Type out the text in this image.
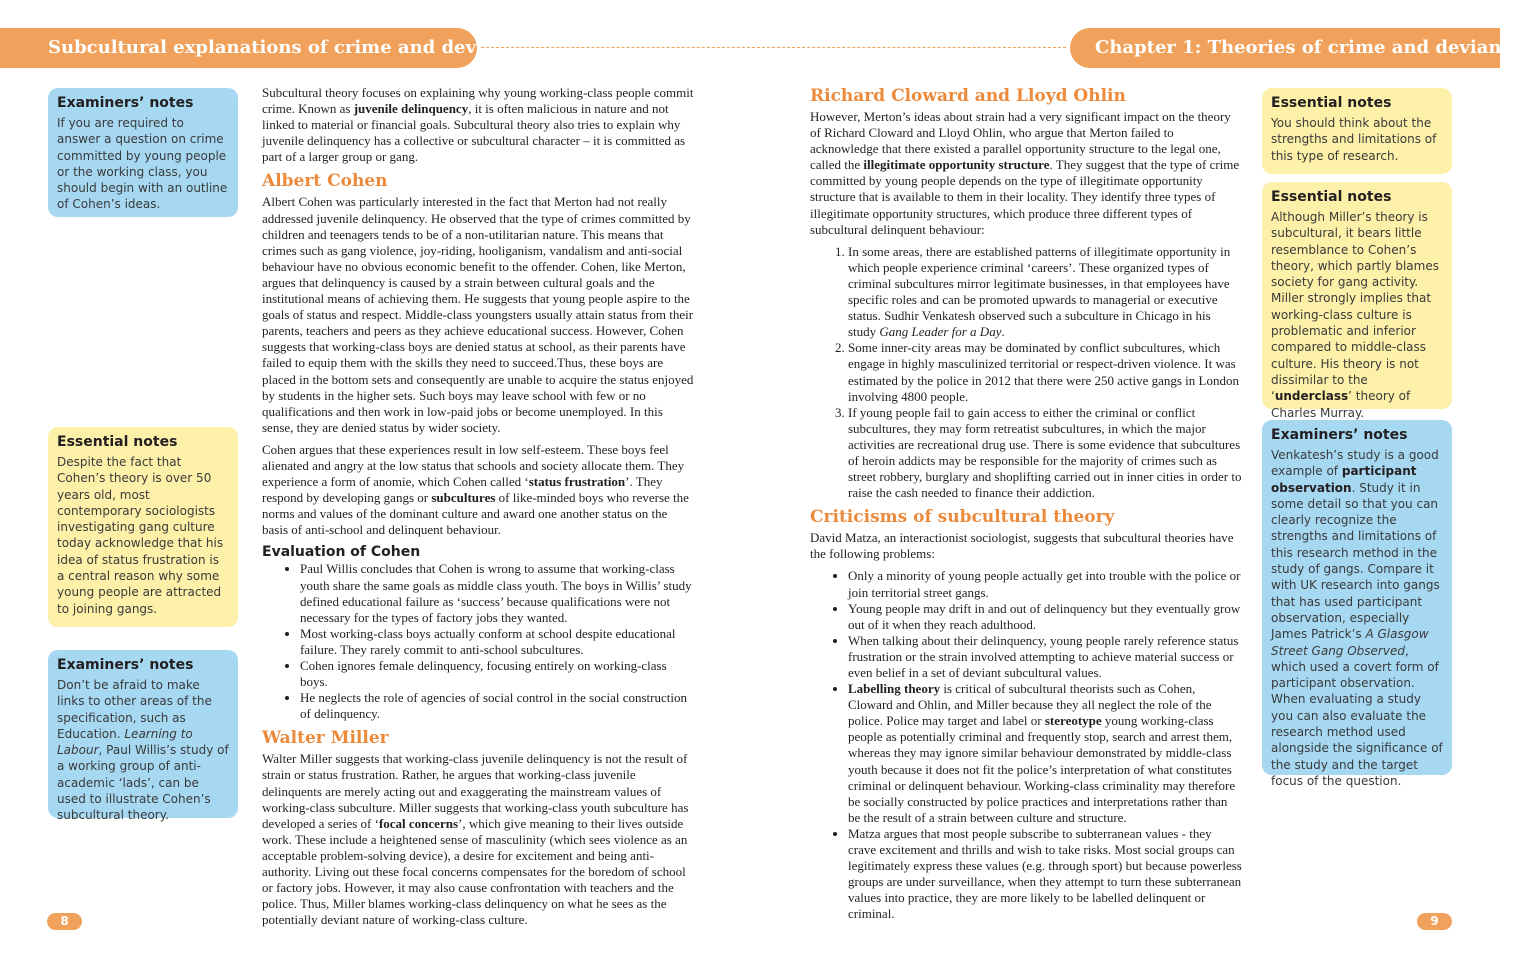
Subcultural explanations of crime and deviance	Chapter 1: Theories of crime and deviance
Examiners’ notes
If you are required to answer a question on crime committed by young people or the working class, you should begin with an outline of Cohen’s ideas.
Essential notes
Despite the fact that Cohen’s theory is over 50 years old, most contemporary sociologists investigating gang culture today acknowledge that his idea of status frustration is a central reason why some young people are attracted to joining gangs.
Examiners’ notes
Don’t be afraid to make links to other areas of the specification, such as Education. Learning to Labour, Paul Willis’s study of a working group of anti-academic ‘lads’, can be used to illustrate Cohen’s subcultural theory.

Subcultural theory focuses on explaining why young working-class people commit crime. Known as juvenile delinquency, it is often malicious in nature and not linked to material or financial goals. Subcultural theory also tries to explain why juvenile delinquency has a collective or subcultural character – it is committed as part of a larger group or gang.

Albert Cohen

Albert Cohen was particularly interested in the fact that Merton had not really addressed juvenile delinquency. He observed that the type of crimes committed by children and teenagers tends to be of a non-utilitarian nature. This means that crimes such as gang violence, joy-riding, hooliganism, vandalism and anti-social behaviour have no obvious economic benefit to the offender. Cohen, like Merton, argues that delinquency is caused by a strain between cultural goals and the institutional means of achieving them. He suggests that young people aspire to the goals of status and respect. Middle-class youngsters usually attain status from their parents, teachers and peers as they achieve educational success. However, Cohen suggests that working-class boys are denied status at school, as their parents have failed to equip them with the skills they need to succeed.Thus, these boys are placed in the bottom sets and consequently are unable to acquire the status enjoyed by students in the higher sets. Such boys may leave school with few or no qualifications and then work in low-paid jobs or become unemployed. In this sense, they are denied status by wider society.

Cohen argues that these experiences result in low self-esteem. These boys feel alienated and angry at the low status that schools and society allocate them. They experience a form of anomie, which Cohen called ‘status frustration’. They respond by developing gangs or subcultures of like-minded boys who reverse the norms and values of the dominant culture and award one another status on the basis of anti-school and delinquent behaviour.

Evaluation of Cohen
• Paul Willis concludes that Cohen is wrong to assume that working-class youth share the same goals as middle class youth. The boys in Willis’ study defined educational failure as ‘success’ because qualifications were not necessary for the types of factory jobs they wanted.
• Most working-class boys actually conform at school despite educational failure. They rarely commit to anti-school subcultures.
• Cohen ignores female delinquency, focusing entirely on working-class boys.
• He neglects the role of agencies of social control in the social construction of delinquency.
Walter Miller

Walter Miller suggests that working-class juvenile delinquency is not the result of strain or status frustration. Rather, he argues that working-class juvenile delinquents are merely acting out and exaggerating the mainstream values of working-class subculture. Miller suggests that working-class youth subculture has developed a series of ‘focal concerns’, which give meaning to their lives outside work. These include a heightened sense of masculinity (which sees violence as an acceptable problem-solving device), a desire for excitement and being anti-authority. Living out these focal concerns compensates for the boredom of school or factory jobs. However, it may also cause confrontation with teachers and the police. Thus, Miller blames working-class delinquency on what he sees as the potentially deviant nature of working-class culture.

Richard Cloward and Lloyd Ohlin

However, Merton’s ideas about strain had a very significant impact on the theory of Richard Cloward and Lloyd Ohlin, who argue that Merton failed to acknowledge that there existed a parallel opportunity structure to the legal one, called the illegitimate opportunity structure. They suggest that the type of crime committed by young people depends on the type of illegitimate opportunity structure that is available to them in their locality. They identify three types of illegitimate opportunity structures, which produce three different types of subcultural delinquent behaviour:

1. In some areas, there are established patterns of illegitimate opportunity in which people experience criminal ‘careers’. These organized types of criminal subcultures mirror legitimate businesses, in that employees have specific roles and can be promoted upwards to managerial or executive status. Sudhir Venkatesh observed such a subculture in Chicago in his study Gang Leader for a Day.
2. Some inner-city areas may be dominated by conflict subcultures, which engage in highly masculinized territorial or respect-driven violence. It was estimated by the police in 2012 that there were 250 active gangs in London involving 4800 people.
3. If young people fail to gain access to either the criminal or conflict subcultures, they may form retreatist subcultures, in which the major activities are recreational drug use. There is some evidence that subcultures of heroin addicts may be responsible for the majority of crimes such as street robbery, burglary and shoplifting carried out in inner cities in order to raise the cash needed to finance their addiction.
Criticisms of subcultural theory

David Matza, an interactionist sociologist, suggests that subcultural theories have the following problems:

• Only a minority of young people actually get into trouble with the police or join territorial street gangs.
• Young people may drift in and out of delinquency but they eventually grow out of it when they reach adulthood.
• When talking about their delinquency, young people rarely reference status frustration or the strain involved attempting to achieve material success or even belief in a set of deviant subcultural values.
• Labelling theory is critical of subcultural theorists such as Cohen, Cloward and Ohlin, and Miller because they all neglect the role of the police. Police may target and label or stereotype young working-class people as potentially criminal and frequently stop, search and arrest them, whereas they may ignore similar behaviour demonstrated by middle-class youth because it does not fit the police’s interpretation of what constitutes criminal or delinquent behaviour. Working-class criminality may therefore be socially constructed by police practices and interpretations rather than be the result of a strain between culture and structure.
• Matza argues that most people subscribe to subterranean values - they crave excitement and thrills and wish to take risks. Most social groups can legitimately express these values (e.g. through sport) but because powerless groups are under surveillance, when they attempt to turn these subterranean values into practice, they are more likely to be labelled delinquent or criminal.
Essential notes
You should think about the strengths and limitations of this type of research.
Essential notes
Although Miller’s theory is subcultural, it bears little resemblance to Cohen’s theory, which partly blames society for gang activity. Miller strongly implies that working-class culture is problematic and inferior compared to middle-class culture. His theory is not dissimilar to the ‘underclass’ theory of Charles Murray.
Examiners’ notes
Venkatesh’s study is a good example of participant observation. Study it in some detail so that you can clearly recognize the strengths and limitations of this research method in the study of gangs. Compare it with UK research into gangs that has used participant observation, especially James Patrick’s A Glasgow Street Gang Observed, which used a covert form of participant observation. When evaluating a study you can also evaluate the research method used alongside the significance of the study and the target focus of the question.
8	9
